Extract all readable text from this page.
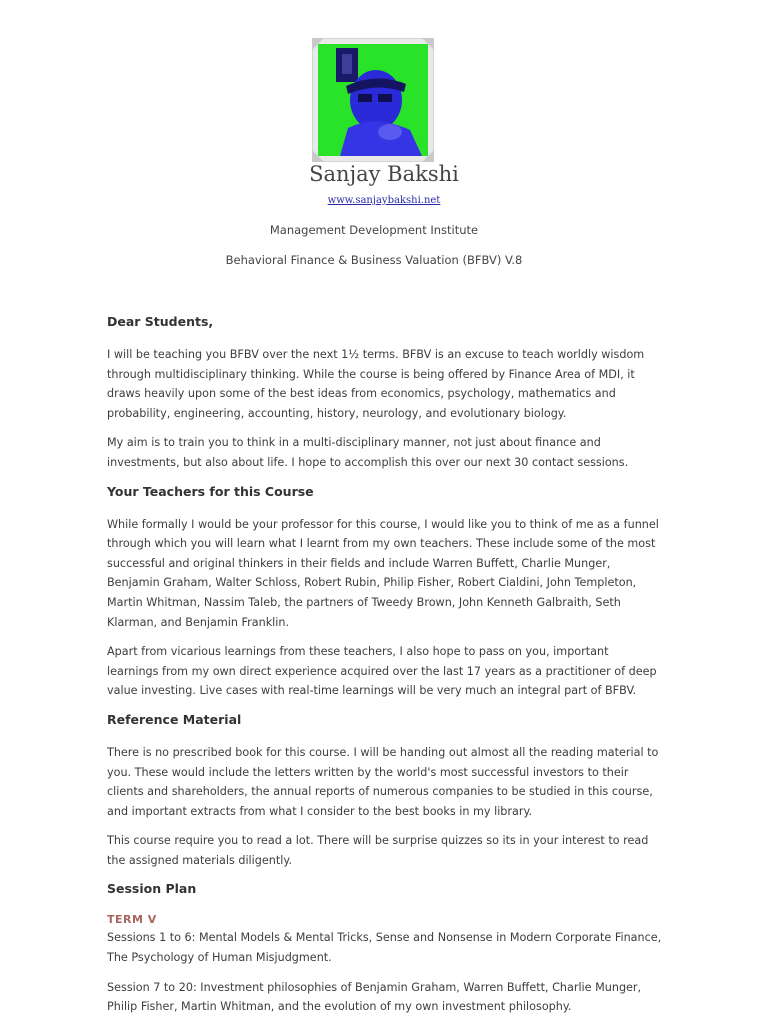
Sanjay Bakshi
www.sanjaybakshi.net
Management Development Institute
Behavioral Finance & Business Valuation (BFBV) V.8
Dear Students,

I will be teaching you BFBV over the next 1½ terms. BFBV is an excuse to teach worldly wisdom through multidisciplinary thinking. While the course is being offered by Finance Area of MDI, it draws heavily upon some of the best ideas from economics, psychology, mathematics and probability, engineering, accounting, history, neurology, and evolutionary biology.

My aim is to train you to think in a multi-disciplinary manner, not just about finance and investments, but also about life. I hope to accomplish this over our next 30 contact sessions.

Your Teachers for this Course

While formally I would be your professor for this course, I would like you to think of me as a funnel through which you will learn what I learnt from my own teachers. These include some of the most successful and original thinkers in their fields and include Warren Buffett, Charlie Munger, Benjamin Graham, Walter Schloss, Robert Rubin, Philip Fisher, Robert Cialdini, John Templeton, Martin Whitman, Nassim Taleb, the partners of Tweedy Brown, John Kenneth Galbraith, Seth Klarman, and Benjamin Franklin.

Apart from vicarious learnings from these teachers, I also hope to pass on you, important learnings from my own direct experience acquired over the last 17 years as a practitioner of deep value investing. Live cases with real-time learnings will be very much an integral part of BFBV.

Reference Material

There is no prescribed book for this course. I will be handing out almost all the reading material to you. These would include the letters written by the world's most successful investors to their clients and shareholders, the annual reports of numerous companies to be studied in this course, and important extracts from what I consider to the best books in my library.

This course require you to read a lot. There will be surprise quizzes so its in your interest to read the assigned materials diligently.

Session Plan
TERM V

Sessions 1 to 6: Mental Models & Mental Tricks, Sense and Nonsense in Modern Corporate Finance, The Psychology of Human Misjudgment.

Session 7 to 20: Investment philosophies of Benjamin Graham, Warren Buffett, Charlie Munger, Philip Fisher, Martin Whitman, and the evolution of my own investment philosophy.
